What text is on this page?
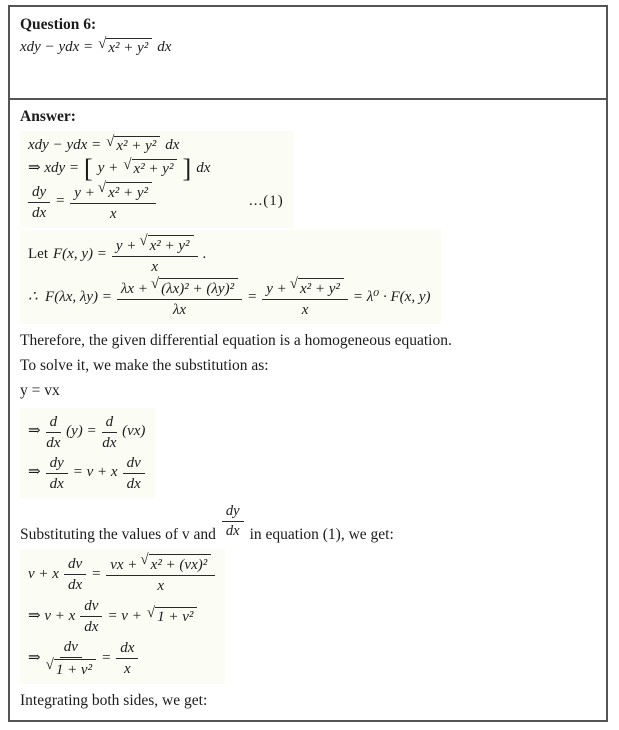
Question 6:
xdy − ydx = √ x² + y² dx
Answer:
xdy − ydx = √ x² + y² dx
⇒ xdy = [ y + √ x² + y² ] dx
$\frac{dy}{dx} = \frac{\text{y + √ x² + y²}}{x}$	...(1)

Let F(x, $y) = \frac{\text{y + √ x² + y²}}{x}$ .
∴  F(λx, λy) =
λx + √ (λx)² + (λy)²
λx
= $\frac{\text{y + √ x² + y²}}{x} = \lambda^0 \cdot F(x$, y)

Therefore, the given differential equation is a homogeneous equation.

To solve it, we make the substitution as:

y = vx

⇒ $\frac{d}{dx} (y) = \frac{d}{dx} (vx)$
⇒ $\frac{dy}{dx} = v + x \frac{dv}{dx}$
Substituting the values of v and $\frac{dy}{dx}$ in equation (1), we get:
v + x $\frac{dv}{dx} = \frac{\text{vx + √ x² + (vx)²}}{x}$
⇒ v + x $\frac{dv}{dx} = v$ + √ 1 + v²
⇒ $\frac{dv}{\text{√ 1 + v²}} = \frac{dx}{x}$

Integrating both sides, we get:
